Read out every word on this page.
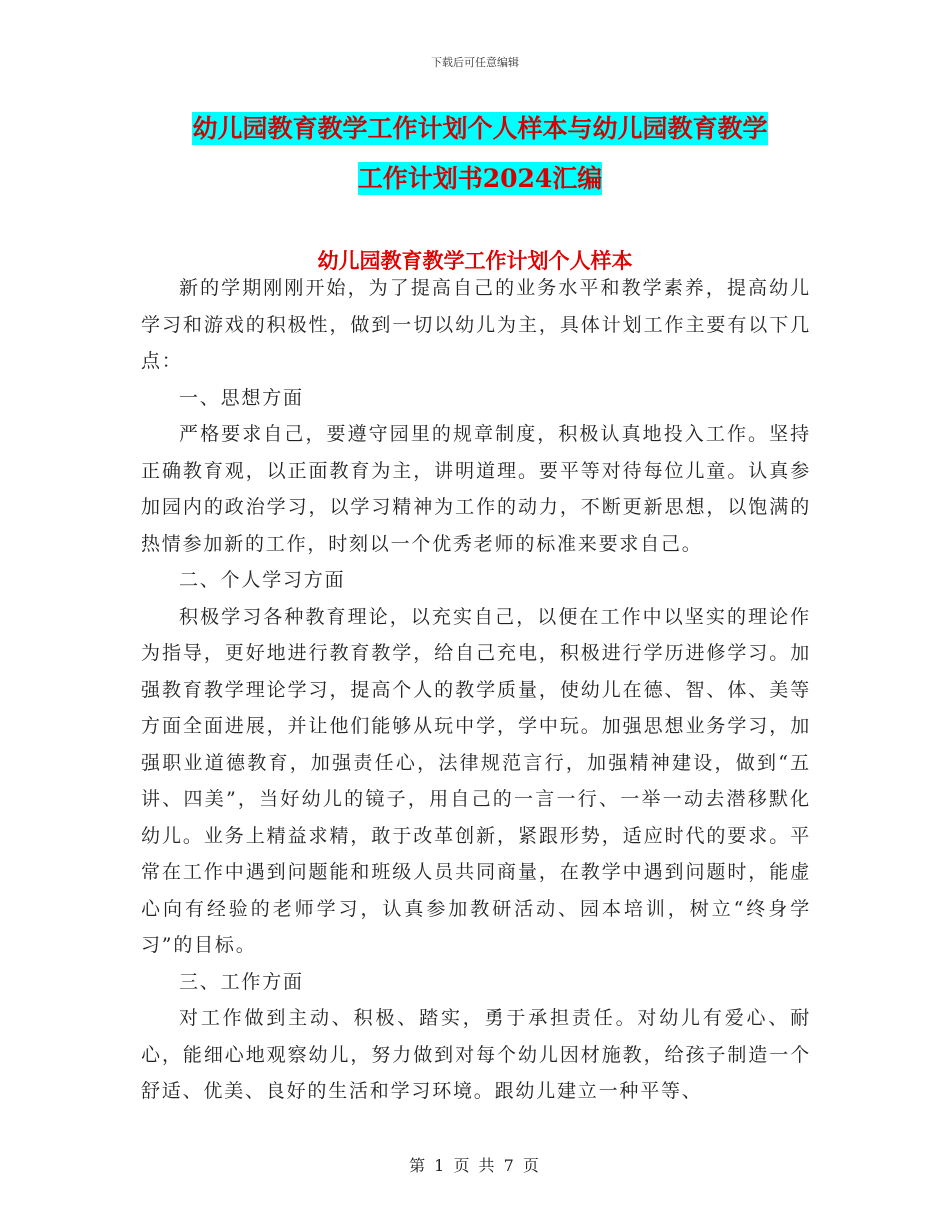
下载后可任意编辑
幼儿园教育教学工作计划个人样本与幼儿园教育教学
工作计划书2024汇编
幼儿园教育教学工作计划个人样本

新的学期刚刚开始，为了提高自己的业务水平和教学素养，提高幼儿学习和游戏的积极性，做到一切以幼儿为主，具体计划工作主要有以下几点：

一、思想方面

严格要求自己，要遵守园里的规章制度，积极认真地投入工作。坚持正确教育观，以正面教育为主，讲明道理。要平等对待每位儿童。认真参加园内的政治学习，以学习精神为工作的动力，不断更新思想，以饱满的热情参加新的工作，时刻以一个优秀老师的标准来要求自己。

二、个人学习方面

积极学习各种教育理论，以充实自己，以便在工作中以坚实的理论作为指导，更好地进行教育教学，给自己充电，积极进行学历进修学习。加强教育教学理论学习，提高个人的教学质量，使幼儿在德、智、体、美等方面全面进展，并让他们能够从玩中学，学中玩。加强思想业务学习，加强职业道德教育，加强责任心，法律规范言行，加强精神建设，做到“五讲、四美”，当好幼儿的镜子，用自己的一言一行、一举一动去潜移默化幼儿。业务上精益求精，敢于改革创新，紧跟形势，适应时代的要求。平常在工作中遇到问题能和班级人员共同商量，在教学中遇到问题时，能虚心向有经验的老师学习，认真参加教研活动、园本培训，树立“终身学习”的目标。

三、工作方面

对工作做到主动、积极、踏实，勇于承担责任。对幼儿有爱心、耐心，能细心地观察幼儿，努力做到对每个幼儿因材施教，给孩子制造一个舒适、优美、良好的生活和学习环境。跟幼儿建立一种平等、

第 1 页 共 7 页
